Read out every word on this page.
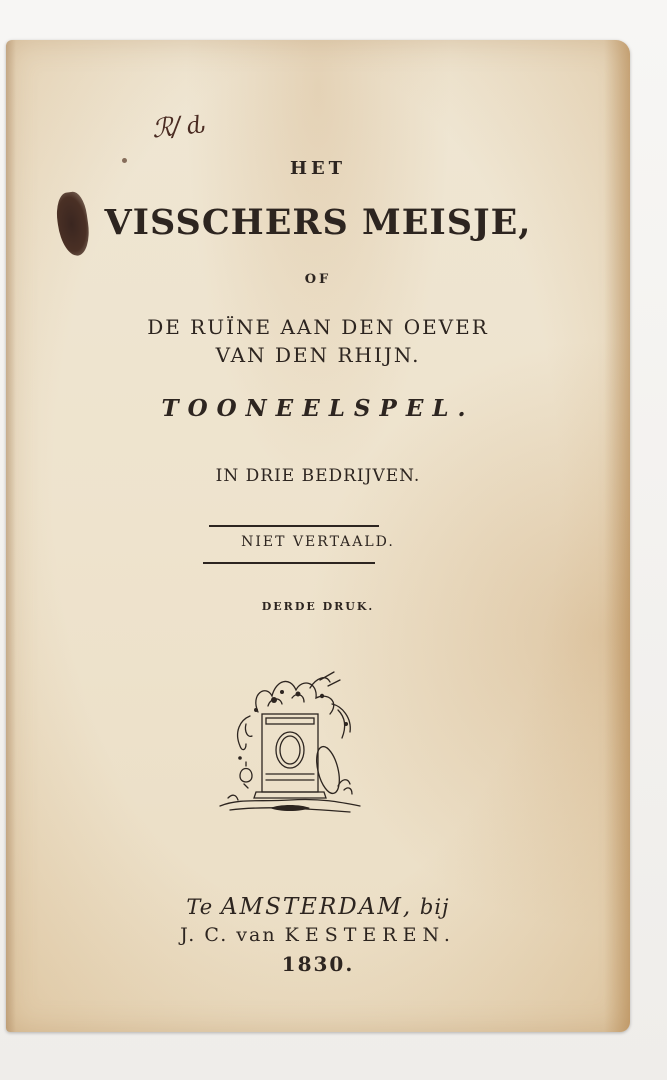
ℛ/ ԃ
HET
VISSCHERS MEISJE,
OF
DE RUÏNE AAN DEN OEVER
VAN DEN RHIJN.
TOONEELSPEL.
IN DRIE BEDRIJVEN.
NIET VERTAALD.
DERDE DRUK.
Te AMSTERDAM, bij
J. C. van KESTEREN.
1830.
